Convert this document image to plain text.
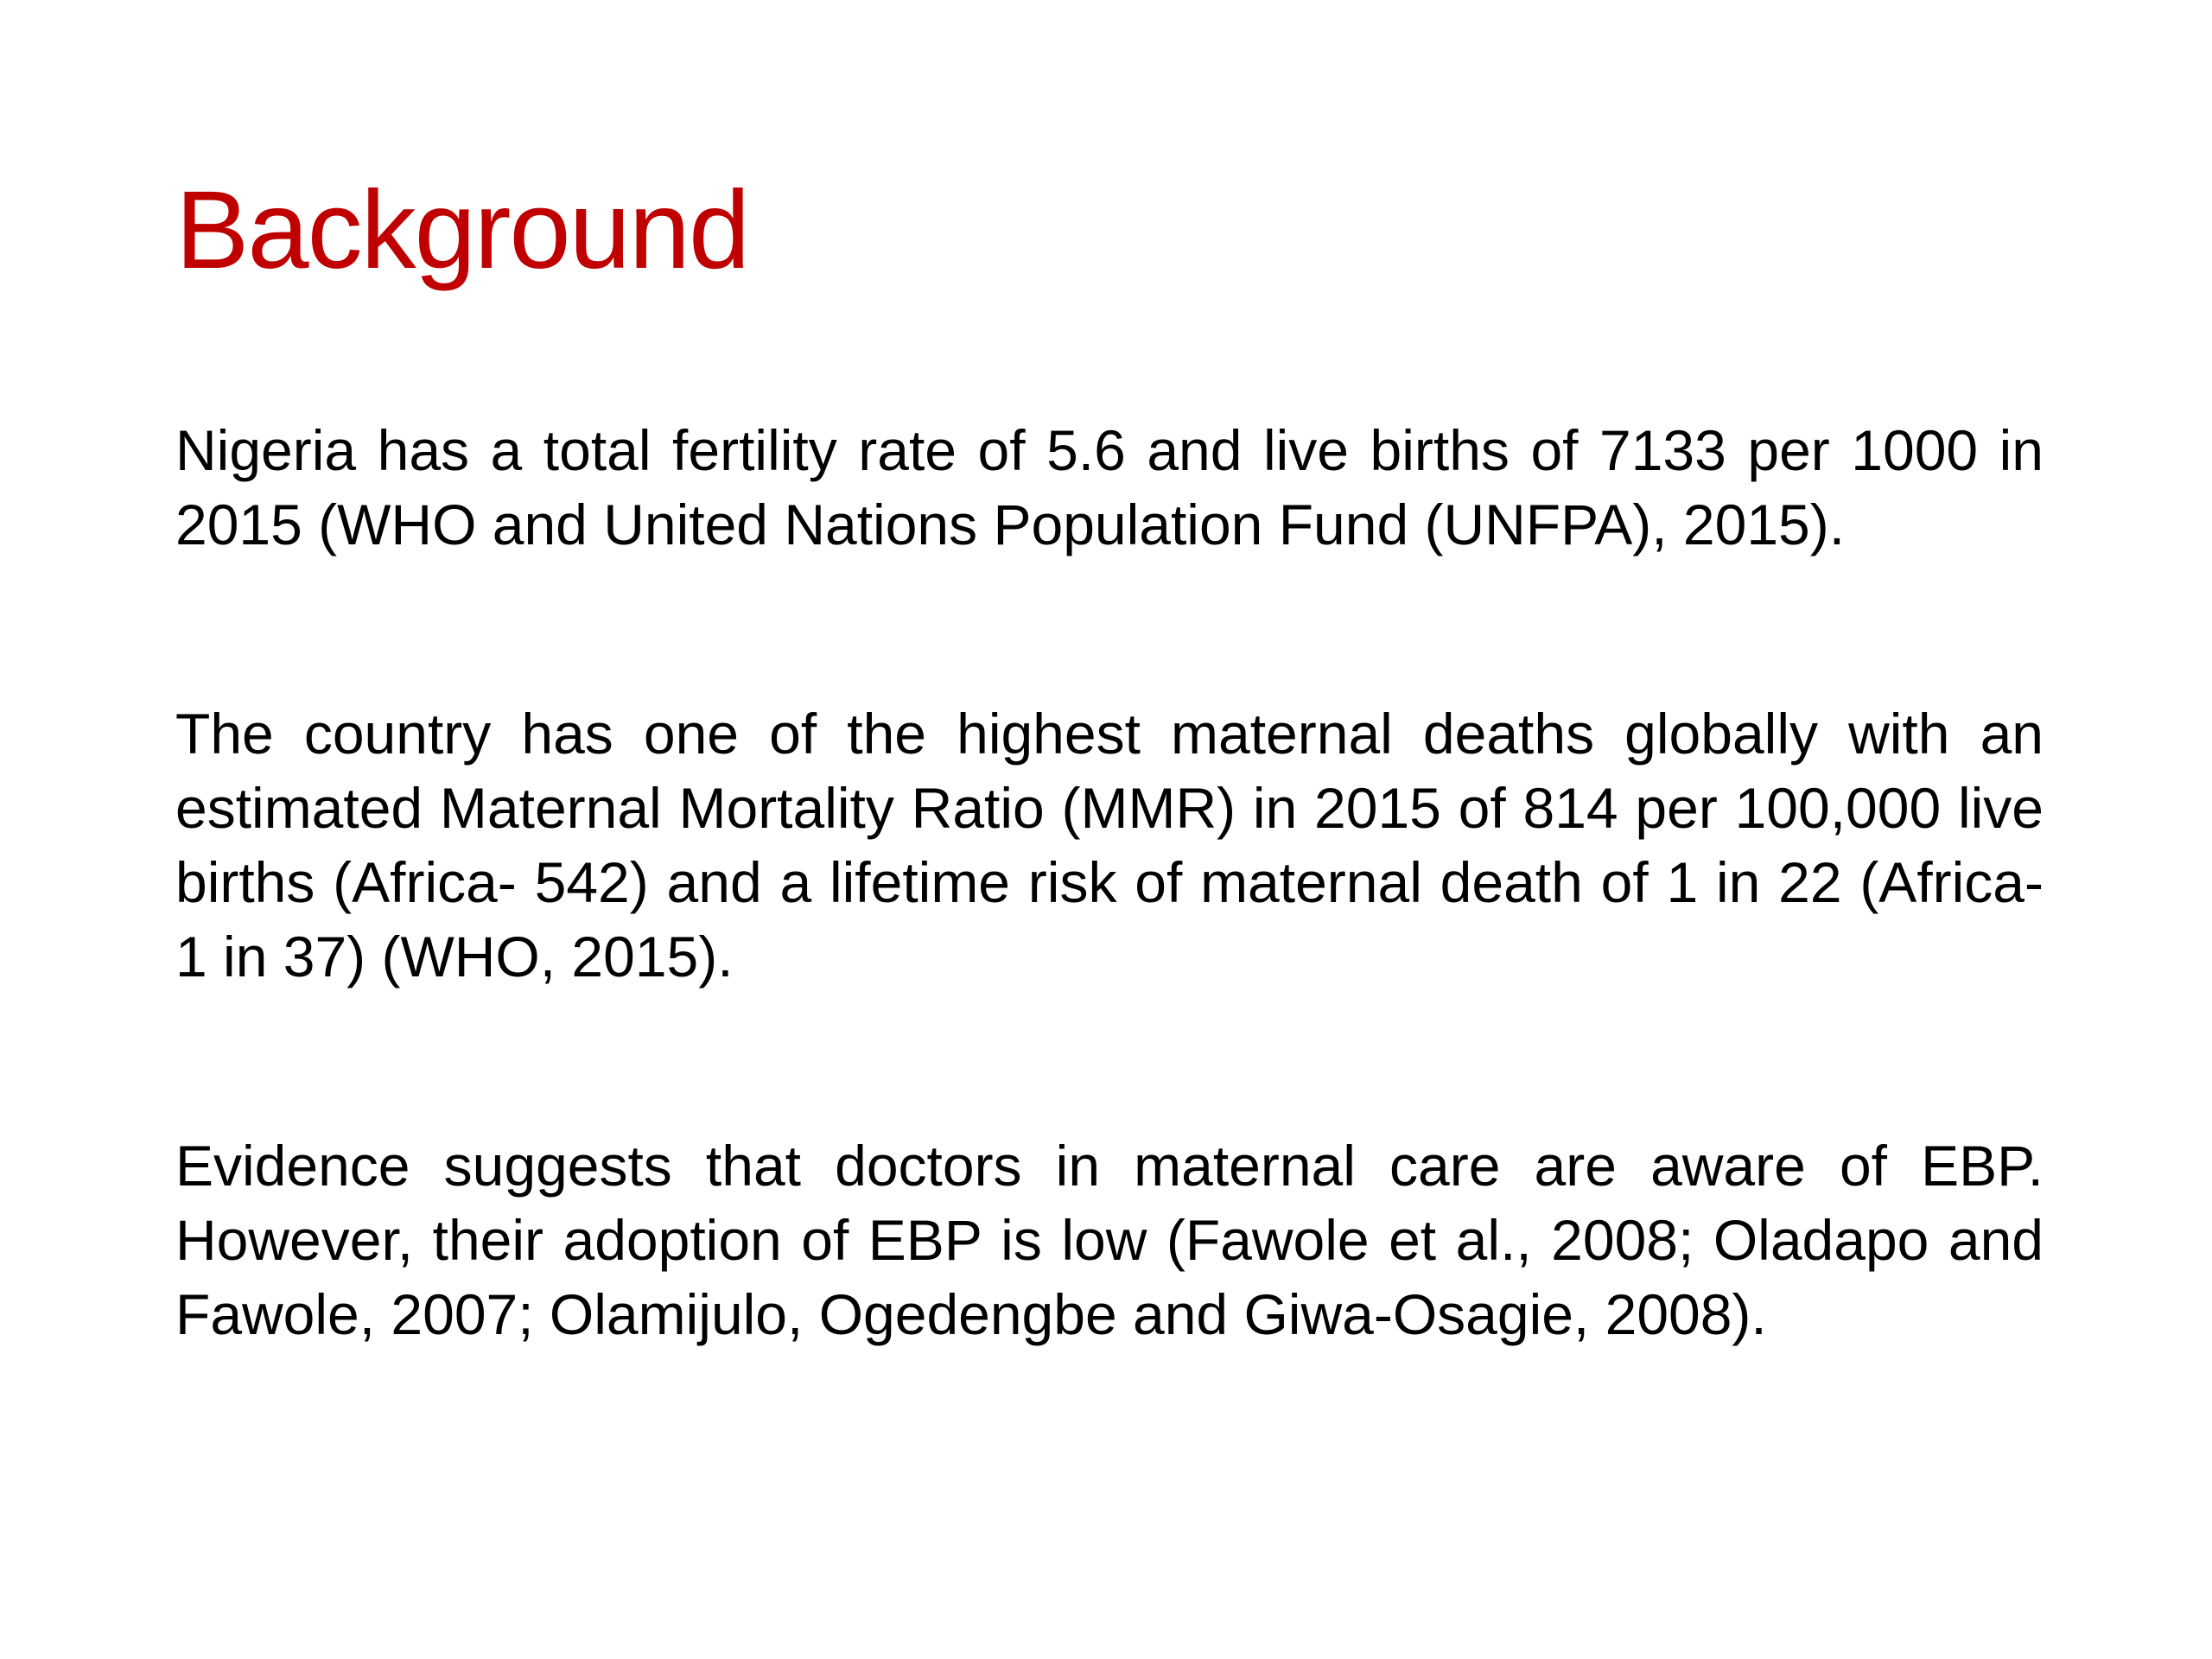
Background

Nigeria has a total fertility rate of 5.6 and live births of 7133 per 1000 in 2015 (WHO and United Nations Population Fund (UNFPA), 2015).

The country has one of the highest maternal deaths globally with an estimated Maternal Mortality Ratio (MMR) in 2015 of 814 per 100,000 live births (Africa- 542) and a lifetime risk of maternal death of 1 in 22 (Africa- 1 in 37) (WHO, 2015).

Evidence suggests that doctors in maternal care are aware of EBP. However, their adoption of EBP is low (Fawole et al., 2008; Oladapo and Fawole, 2007; Olamijulo, Ogedengbe and Giwa-Osagie, 2008).
